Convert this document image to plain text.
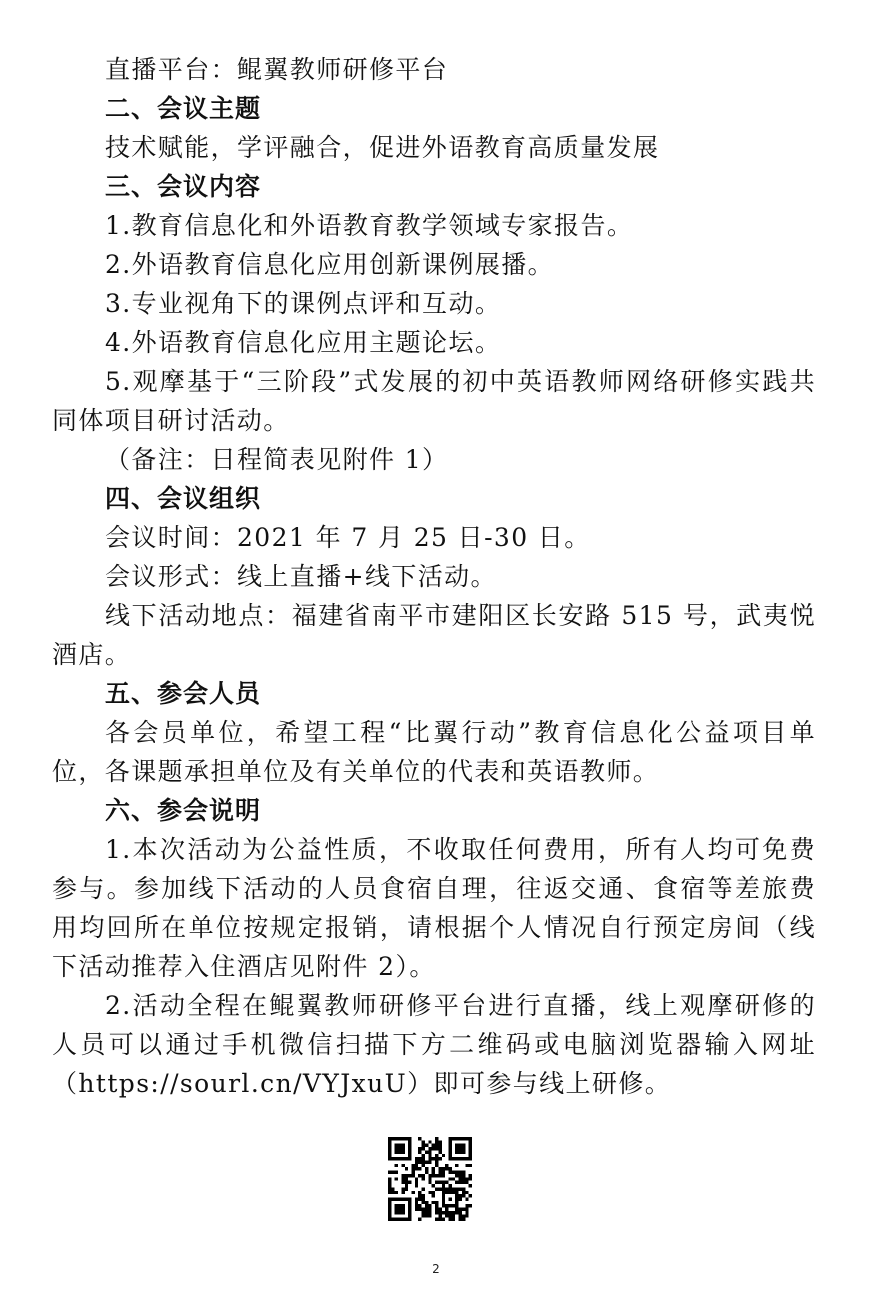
直播平台：鲲翼教师研修平台
二、会议主题
技术赋能，学评融合，促进外语教育高质量发展
三、会议内容
1.教育信息化和外语教育教学领域专家报告。
2.外语教育信息化应用创新课例展播。
3.专业视角下的课例点评和互动。
4.外语教育信息化应用主题论坛。

5.观摩基于“三阶段”式发展的初中英语教师网络研修实践共同体项目研讨活动。

（备注：日程简表见附件 1）
四、会议组织
会议时间：2021 年 7 月 25 日-30 日。
会议形式：线上直播+线下活动。

线下活动地点：福建省南平市建阳区长安路 515 号，武夷悦酒店。

五、参会人员

各会员单位，希望工程“比翼行动”教育信息化公益项目单位，各课题承担单位及有关单位的代表和英语教师。

六、参会说明

1.本次活动为公益性质，不收取任何费用，所有人均可免费参与。参加线下活动的人员食宿自理，往返交通、食宿等差旅费用均回所在单位按规定报销，请根据个人情况自行预定房间（线下活动推荐入住酒店见附件 2）。

2.活动全程在鲲翼教师研修平台进行直播，线上观摩研修的人员可以通过手机微信扫描下方二维码或电脑浏览器输入网址（https://sourl.cn/VYJxuU）即可参与线上研修。

2
